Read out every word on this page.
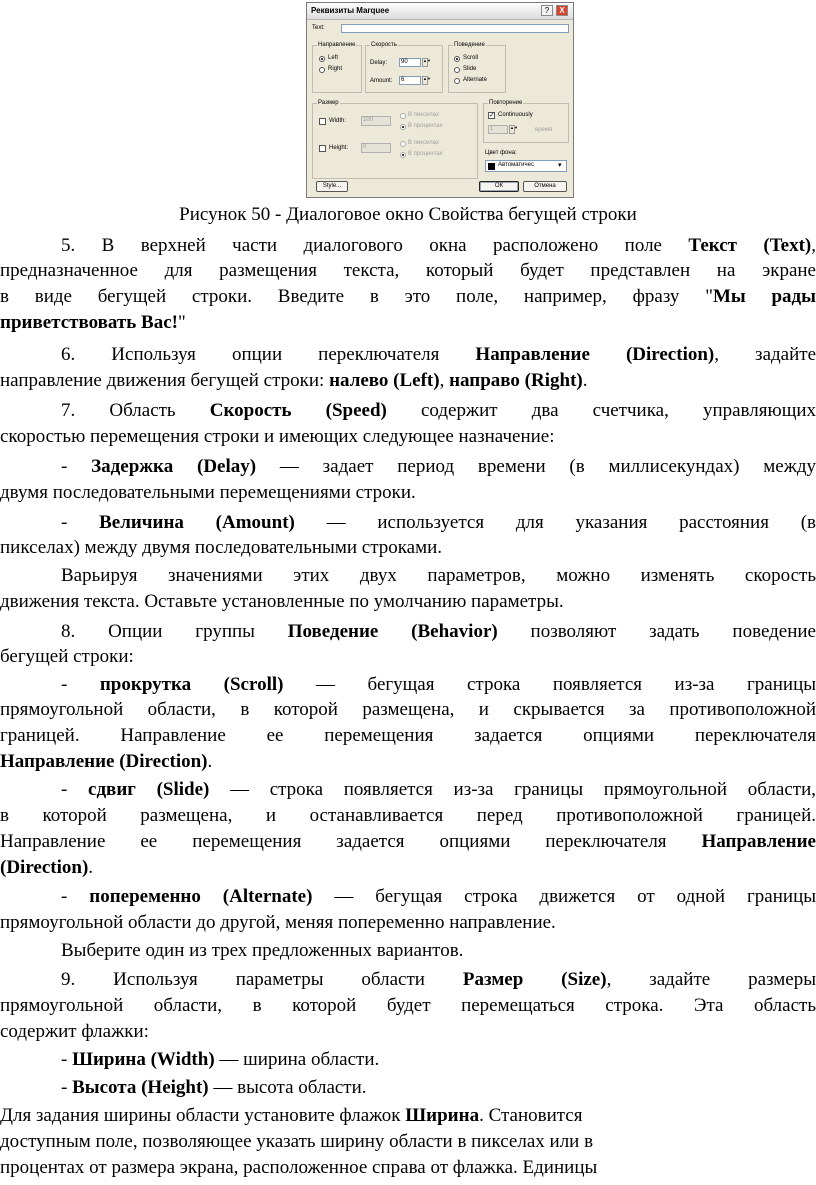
Реквизиты Marquee	?	X
Text:
Направление
Left
Right
Скорость
Delay:	90	▲▼
Amount:	6	▲▼
Поведение
Scroll
Slide
Alternate
Размер
Width:	100
В пикселах
В процентах
Height:	0
В пикселах
В процентах
Повторение
✓ Continuously
1	▲▼	время
Цвет фона:
Автоматичес	▾
Style...	ОК	Отмена
Рисунок 50 - Диалоговое окно Свойства бегущей строки
5. В верхней части диалогового окна расположено поле Текст (Text),
предназначенное для размещения текста, который будет представлен на экране
в виде бегущей строки. Введите в это поле, например, фразу "Мы рады
приветствовать Вас!"
6. Используя опции переключателя Направление (Direction), задайте
направление движения бегущей строки: налево (Left), направо (Right).
7. Область Скорость (Speed) содержит два счетчика, управляющих
скоростью перемещения строки и имеющих следующее назначение:
- Задержка (Delay) — задает период времени (в миллисекундах) между
двумя последовательными перемещениями строки.
- Величина (Amount) — используется для указания расстояния (в
пикселах) между двумя последовательными строками.
Варьируя значениями этих двух параметров, можно изменять скорость
движения текста. Оставьте установленные по умолчанию параметры.
8. Опции группы Поведение (Behavior) позволяют задать поведение
бегущей строки:
- прокрутка (Scroll) — бегущая строка появляется из-за границы
прямоугольной области, в которой размещена, и скрывается за противоположной
границей. Направление ее перемещения задается опциями переключателя
Направление (Direction).
- сдвиг (Slide) — строка появляется из-за границы прямоугольной области,
в которой размещена, и останавливается перед противоположной границей.
Направление ее перемещения задается опциями переключателя Направление
(Direction).
- попеременно (Alternate) — бегущая строка движется от одной границы
прямоугольной области до другой, меняя попеременно направление.
Выберите один из трех предложенных вариантов.
9. Используя параметры области Размер (Size), задайте размеры
прямоугольной области, в которой будет перемещаться строка. Эта область
содержит флажки:
- Ширина (Width) — ширина области.
- Высота (Height) — высота области.
Для задания ширины области установите флажок Ширина. Становится
доступным поле, позволяющее указать ширину области в пикселах или в
процентах от размера экрана, расположенное справа от флажка. Единицы
